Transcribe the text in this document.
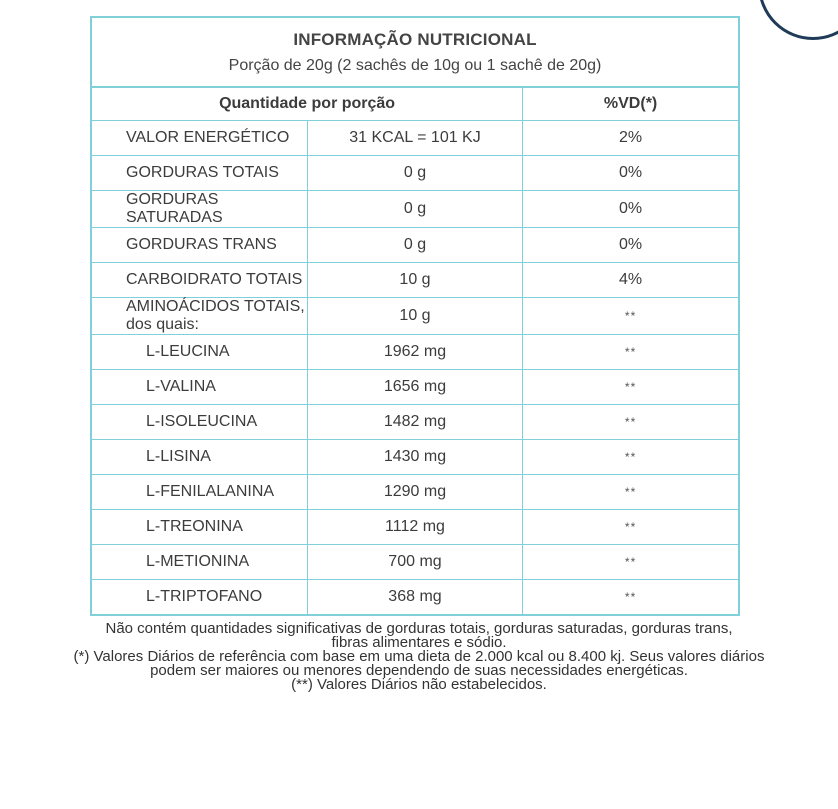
INFORMAÇÃO NUTRICIONAL
Porção de 20g (2 sachês de 10g ou 1 sachê de 20g)
Quantidade por porção		%VD(*)
VALOR ENERGÉTICO	31 KCAL = 101 KJ	2%
GORDURAS TOTAIS	0 g	0%
GORDURAS SATURADAS	0 g	0%
GORDURAS TRANS	0 g	0%
CARBOIDRATO TOTAIS	10 g	4%
AMINOÁCIDOS TOTAIS, dos quais:	10 g	**
L-LEUCINA	1962 mg	**
L-VALINA	1656 mg	**
L-ISOLEUCINA	1482 mg	**
L-LISINA	1430 mg	**
L-FENILALANINA	1290 mg	**
L-TREONINA	1112 mg	**
L-METIONINA	700 mg	**
L-TRIPTOFANO	368 mg	**
Não contém quantidades significativas de gorduras totais, gorduras saturadas, gorduras trans,
fibras alimentares e sódio.
(*) Valores Diários de referência com base em uma dieta de 2.000 kcal ou 8.400 kj. Seus valores diários
podem ser maiores ou menores dependendo de suas necessidades energéticas.
(**) Valores Diários não estabelecidos.
